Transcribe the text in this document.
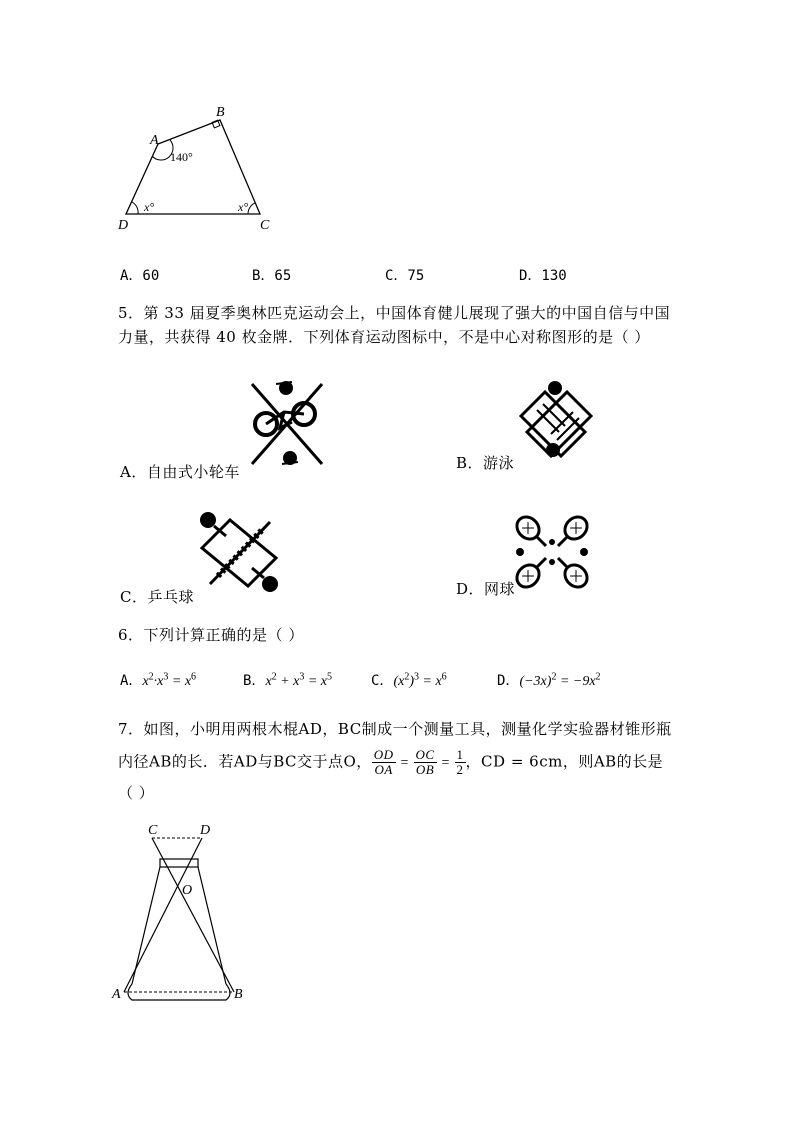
A
B
C
D
140°
x°	x°
A．60	B．65	C．75	D．130
5．第 33 届夏季奥林匹克运动会上，中国体育健儿展现了强大的中国自信与中国
力量，共获得 40 枚金牌．下列体育运动图标中，不是中心对称图形的是（ ）
A．自由式小轮车	B．游泳
C．乒乓球	D．网球
6．下列计算正确的是（ ）
A．$x^2\cdot x^3 = x^6$	B．$x^2 + x^3 = x^5$	C．$(x^2)^3 = x^6$	D．$(-3x)^2 = -9x^2$
7．如图，小明用两根木棍AD，BC制成一个测量工具，测量化学实验器材锥形瓶
内径AB的长．若AD与BC交于点O， $\frac{OD}{OA} = \frac{OC}{OB} = \frac{1}{2}$ ，CD = 6cm，则AB的长是
（ ）
C	D
O
A	B
